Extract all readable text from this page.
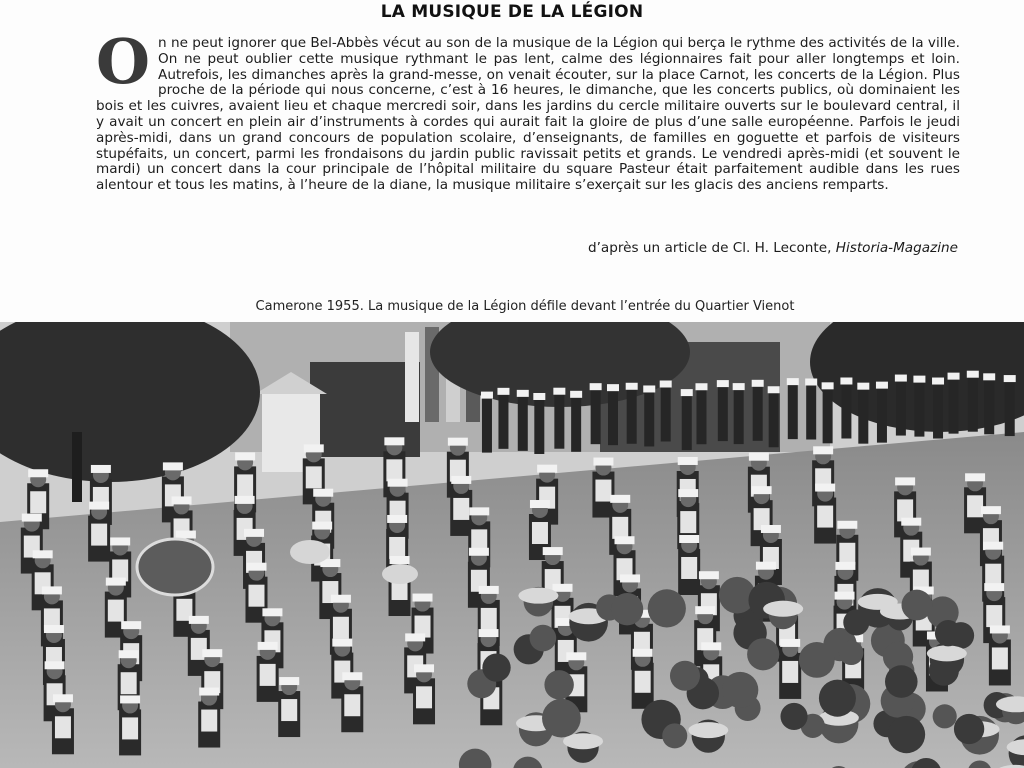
LA MUSIQUE DE LA LÉGION

On ne peut ignorer que Bel-Abbès vécut au son de la musique de la Légion qui berça le rythme des activités de la ville. On ne peut oublier cette musique rythmant le pas lent, calme des légionnaires fait pour aller longtemps et loin. Autrefois, les dimanches après la grand-messe, on venait écouter, sur la place Carnot, les concerts de la Légion. Plus proche de la période qui nous concerne, c’est à 16 heures, le dimanche, que les concerts publics, où dominaient les bois et les cuivres, avaient lieu et chaque mercredi soir, dans les jardins du cercle militaire ouverts sur le boulevard central, il y avait un concert en plein air d’instruments à cordes qui aurait fait la gloire de plus d’une salle européenne. Parfois le jeudi après-midi, dans un grand concours de population scolaire, d’enseignants, de familles en goguette et parfois de visiteurs stupéfaits, un concert, parmi les frondaisons du jardin public ravissait petits et grands. Le vendredi après-midi (et souvent le mardi) un concert dans la cour principale de l’hôpital militaire du square Pasteur était parfaitement audible dans les rues alentour et tous les matins, à l’heure de la diane, la musique militaire s’exerçait sur les glacis des anciens remparts.

d’après un article de Cl. H. Leconte, Historia-Magazine

Camerone 1955. La musique de la Légion défile devant l’entrée du Quartier Vienot
